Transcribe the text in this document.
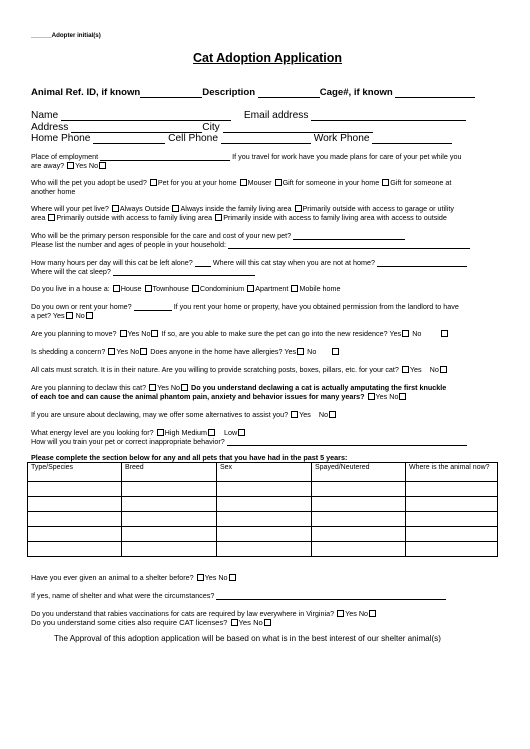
______Adopter initial(s)
Cat Adoption Application
Animal Ref. ID, if known	Description	Cage#, if known
Name	Email address
Address	City
Home Phone	Cell Phone	Work Phone
Place of employment	If you travel for work have you made plans for care of your pet while you
are away? Yes No
Who will the pet you adopt be used? Pet for you at your home Mouser Gift for someone in your home Gift for someone at
another home
Where will your pet live? Always Outside Always inside the family living area Primarily outside with access to garage or utility
area Primarily outside with access to family living area Primarily inside with access to family living area with access to outside
Who will be the primary person responsible for the care and cost of your new pet?
Please list the number and ages of people in your household:
How many hours per day will this cat be left alone?	Where will this cat stay when you are not at home?
Where will the cat sleep?
Do you live in a house a: House Townhouse Condominium Apartment Mobile home
Do you own or rent your home?	If you rent your home or property, have you obtained permission from the landlord to have
a pet? Yes No
Are you planning to move? Yes No If so, are you able to make sure the pet can go into the new residence? Yes No
Is shedding a concern? Yes No Does anyone in the home have allergies? Yes No
All cats must scratch. It is in their nature. Are you willing to provide scratching posts, boxes, pillars, etc. for your cat? Yes No
Are you planning to declaw this cat? Yes No Do you understand declawing a cat is actually amputating the first knuckle
of each toe and can cause the animal phantom pain, anxiety and behavior issues for many years? Yes No
If you are unsure about declawing, may we offer some alternatives to assist you? Yes No
What energy level are you looking for? High Medium Low
How will you train your pet or correct inappropriate behavior?
Please complete the section below for any and all pets that you have had in the past 5 years:
Type/Species	Breed	Sex	Spayed/Neutered	Where is the animal now?

Have you ever given an animal to a shelter before? Yes No
If yes, name of shelter and what were the circumstances?
Do you understand that rabies vaccinations for cats are required by law everywhere in Virginia? Yes No
Do you understand some cities also require CAT licenses? Yes No
The Approval of this adoption application will be based on what is in the best interest of our shelter animal(s)
